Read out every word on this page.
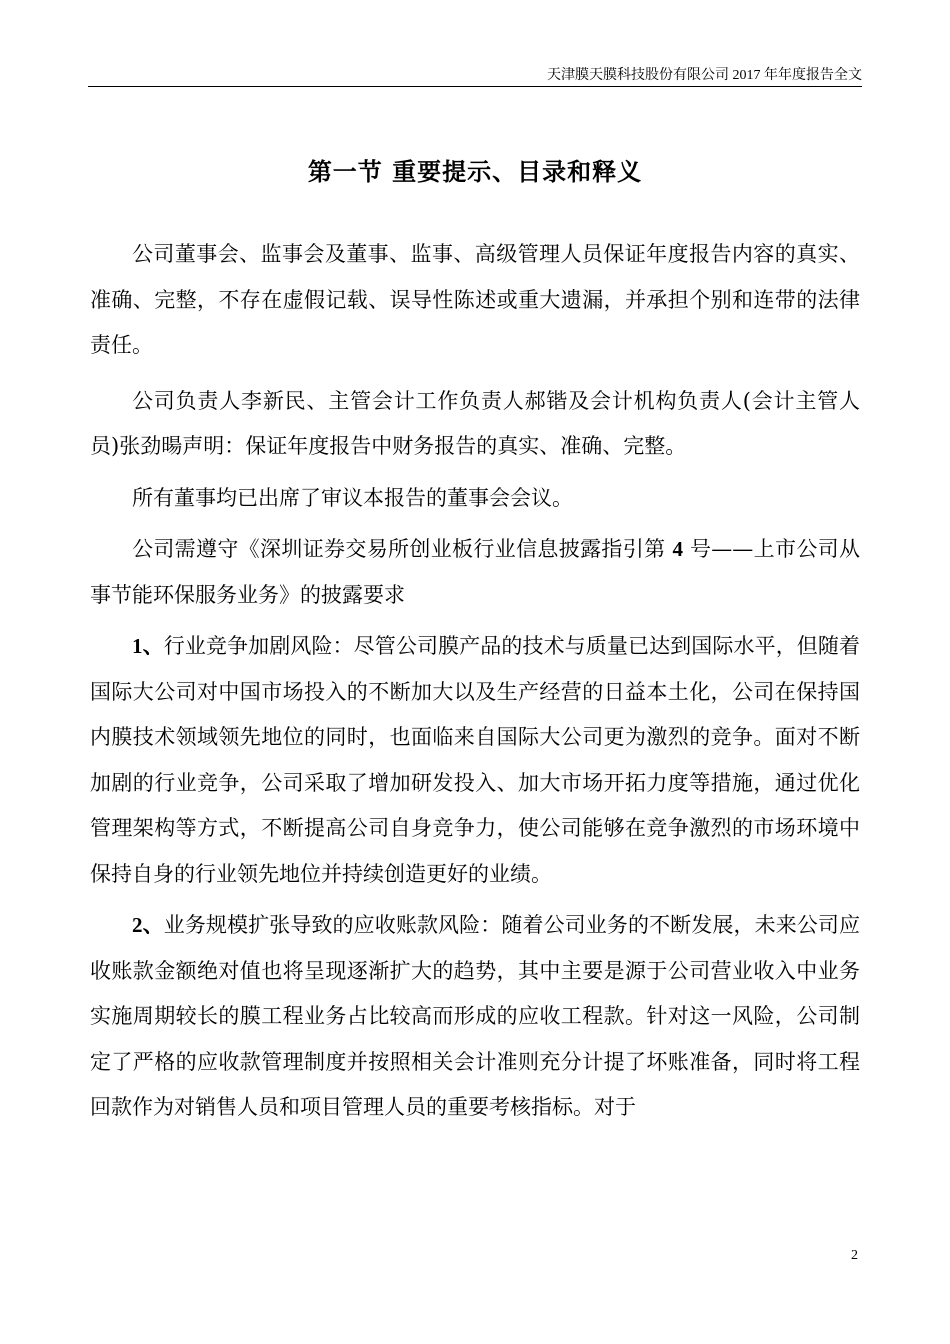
天津膜天膜科技股份有限公司 2017 年年度报告全文
第一节 重要提示、目录和释义

公司董事会、监事会及董事、监事、高级管理人员保证年度报告内容的真实、准确、完整，不存在虚假记载、误导性陈述或重大遗漏，并承担个别和连带的法律责任。

公司负责人李新民、主管会计工作负责人郝锴及会计机构负责人(会计主管人员)张劲暘声明：保证年度报告中财务报告的真实、准确、完整。

所有董事均已出席了审议本报告的董事会会议。

公司需遵守《深圳证券交易所创业板行业信息披露指引第 4 号——上市公司从事节能环保服务业务》的披露要求

1、行业竞争加剧风险：尽管公司膜产品的技术与质量已达到国际水平，但随着国际大公司对中国市场投入的不断加大以及生产经营的日益本土化，公司在保持国内膜技术领域领先地位的同时，也面临来自国际大公司更为激烈的竞争。面对不断加剧的行业竞争，公司采取了增加研发投入、加大市场开拓力度等措施，通过优化管理架构等方式，不断提高公司自身竞争力，使公司能够在竞争激烈的市场环境中保持自身的行业领先地位并持续创造更好的业绩。

2、业务规模扩张导致的应收账款风险：随着公司业务的不断发展，未来公司应收账款金额绝对值也将呈现逐渐扩大的趋势，其中主要是源于公司营业收入中业务实施周期较长的膜工程业务占比较高而形成的应收工程款。针对这一风险，公司制定了严格的应收款管理制度并按照相关会计准则充分计提了坏账准备，同时将工程回款作为对销售人员和项目管理人员的重要考核指标。对于

2
